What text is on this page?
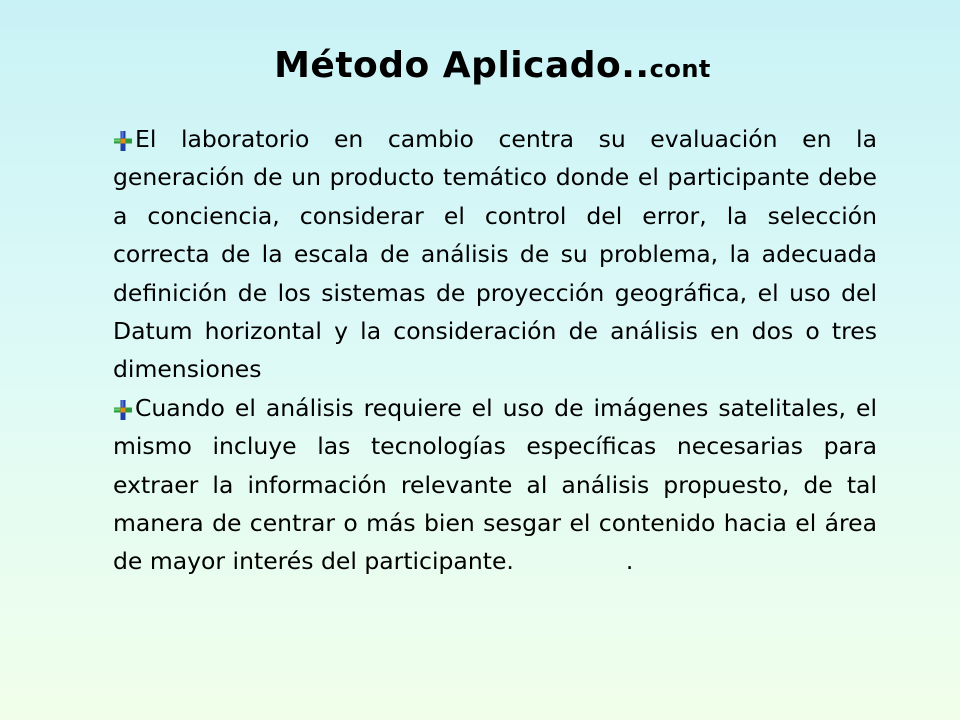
Método Aplicado..cont

El laboratorio en cambio centra su evaluación en la generación de un producto temático donde el participante debe a conciencia, considerar el control del error, la selección correcta de la escala de análisis de su problema, la adecuada definición de los sistemas de proyección geográfica, el uso del Datum horizontal y la consideración de análisis en dos o tres dimensiones

Cuando el análisis requiere el uso de imágenes satelitales, el mismo incluye las tecnologías específicas necesarias para extraer la información relevante al análisis propuesto, de tal manera de centrar o más bien sesgar el contenido hacia el área de mayor interés del participante.	.
